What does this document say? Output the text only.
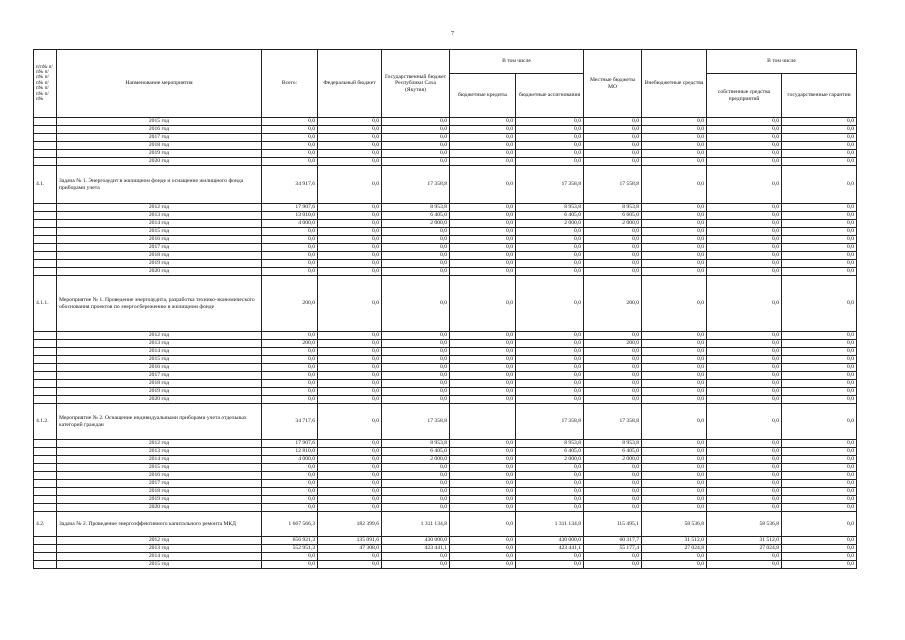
7
п/п№ п/п№ п/п№ п/п№ п/п№ п/п№ п/п№	Наименование мероприятия	Всего:	Федеральный бюджет	Государственный бюджет Республики Саха (Якутия)	В том числе		Местные бюджеты МО	Внебюджетные средства	В том числе	
					бюджетные кредиты	бюджетные ассигнования			собственные средства предприятий	государственные гарантии
	2015 год	0,0	0,0	0,0	0,0	0,0	0,0	0,0	0,0	0,0
	2016 год	0,0	0,0	0,0	0,0	0,0	0,0	0,0	0,0	0,0
	2017 год	0,0	0,0	0,0	0,0	0,0	0,0	0,0	0,0	0,0
	2018 год	0,0	0,0	0,0	0,0	0,0	0,0	0,0	0,0	0,0
	2019 год	0,0	0,0	0,0	0,0	0,0	0,0	0,0	0,0	0,0
	2020 год	0,0	0,0	0,0	0,0	0,0	0,0	0,0	0,0	0,0
4.1.	Задача № 1. Энергоаудит в жилищном фонде и оснащение жилищного фонда приборами учета	34 917,6	0,0	17 358,8	0,0	17 358,8	17 558,8	0,0	0,0	0,0
	2012 год	17 907,6	0,0	8 953,8	0,0	8 953,8	8 953,8	0,0	0,0	0,0
	2013 год	13 010,0	0,0	6 405,0	0,0	6 405,0	6 605,0	0,0	0,0	0,0
	2014 год	4 000,0	0,0	2 000,0	0,0	2 000,0	2 000,0	0,0	0,0	0,0
	2015 год	0,0	0,0	0,0	0,0	0,0	0,0	0,0	0,0	0,0
	2016 год	0,0	0,0	0,0	0,0	0,0	0,0	0,0	0,0	0,0
	2017 год	0,0	0,0	0,0	0,0	0,0	0,0	0,0	0,0	0,0
	2018 год	0,0	0,0	0,0	0,0	0,0	0,0	0,0	0,0	0,0
	2019 год	0,0	0,0	0,0	0,0	0,0	0,0	0,0	0,0	0,0
	2020 год	0,0	0,0	0,0	0,0	0,0	0,0	0,0	0,0	0,0
4.1.1.	Мероприятие № 1. Проведение энергоаудита, разработка технико-экономического обоснования проектов по энергосбережению в жилищном фонде	200,0	0,0	0,0	0,0	0,0	200,0	0,0	0,0	0,0
	2012 год	0,0	0,0	0,0	0,0	0,0	0,0	0,0	0,0	0,0
	2013 год	200,0	0,0	0,0	0,0	0,0	200,0	0,0	0,0	0,0
	2014 год	0,0	0,0	0,0	0,0	0,0	0,0	0,0	0,0	0,0
	2015 год	0,0	0,0	0,0	0,0	0,0	0,0	0,0	0,0	0,0
	2016 год	0,0	0,0	0,0	0,0	0,0	0,0	0,0	0,0	0,0
	2017 год	0,0	0,0	0,0	0,0	0,0	0,0	0,0	0,0	0,0
	2018 год	0,0	0,0	0,0	0,0	0,0	0,0	0,0	0,0	0,0
	2019 год	0,0	0,0	0,0	0,0	0,0	0,0	0,0	0,0	0,0
	2020 год	0,0	0,0	0,0	0,0	0,0	0,0	0,0	0,0	0,0
4.1.2.	Мероприятие № 2. Оснащение индивидуальными приборами учета отдельных категорий граждан	34 717,6	0,0	17 358,8		17 358,8	17 358,8	0,0	0,0	0,0
	2012 год	17 907,6	0,0	8 953,8	0,0	8 953,8	8 953,8	0,0	0,0	0,0
	2013 год	12 810,0	0,0	6 405,0	0,0	6 405,0	6 405,0	0,0	0,0	0,0
	2014 год	4 000,0	0,0	2 000,0	0,0	2 000,0	2 000,0	0,0	0,0	0,0
	2015 год	0,0	0,0	0,0	0,0	0,0	0,0	0,0	0,0	0,0
	2016 год	0,0	0,0	0,0	0,0	0,0	0,0	0,0	0,0	0,0
	2017 год	0,0	0,0	0,0	0,0	0,0	0,0	0,0	0,0	0,0
	2018 год	0,0	0,0	0,0	0,0	0,0	0,0	0,0	0,0	0,0
	2019 год	0,0	0,0	0,0	0,0	0,0	0,0	0,0	0,0	0,0
	2020 год	0,0	0,0	0,0	0,0	0,0	0,0	0,0	0,0	0,0
4.2.	Задача № 2. Проведение энергоэффективного капитального ремонта МКД	1 667 566,3	182 399,6	1 311 134,8	0,0	1 311 134,8	115 495,1	58 536,8	58 536,8	0,0
	2012 год	656 921,3	135 091,6	430 000,0	0,0	430 000,0	60 317,7	31 512,0	31 512,0	0,0
	2013 год	552 951,3	47 308,0	423 441,1	0,0	423 441,1	55 177,4	27 024,8	27 024,8	0,0
	2014 год	0,0	0,0	0,0	0,0	0,0	0,0	0,0	0,0	0,0
	2015 год	0,0	0,0	0,0	0,0	0,0	0,0	0,0	0,0	0,0
